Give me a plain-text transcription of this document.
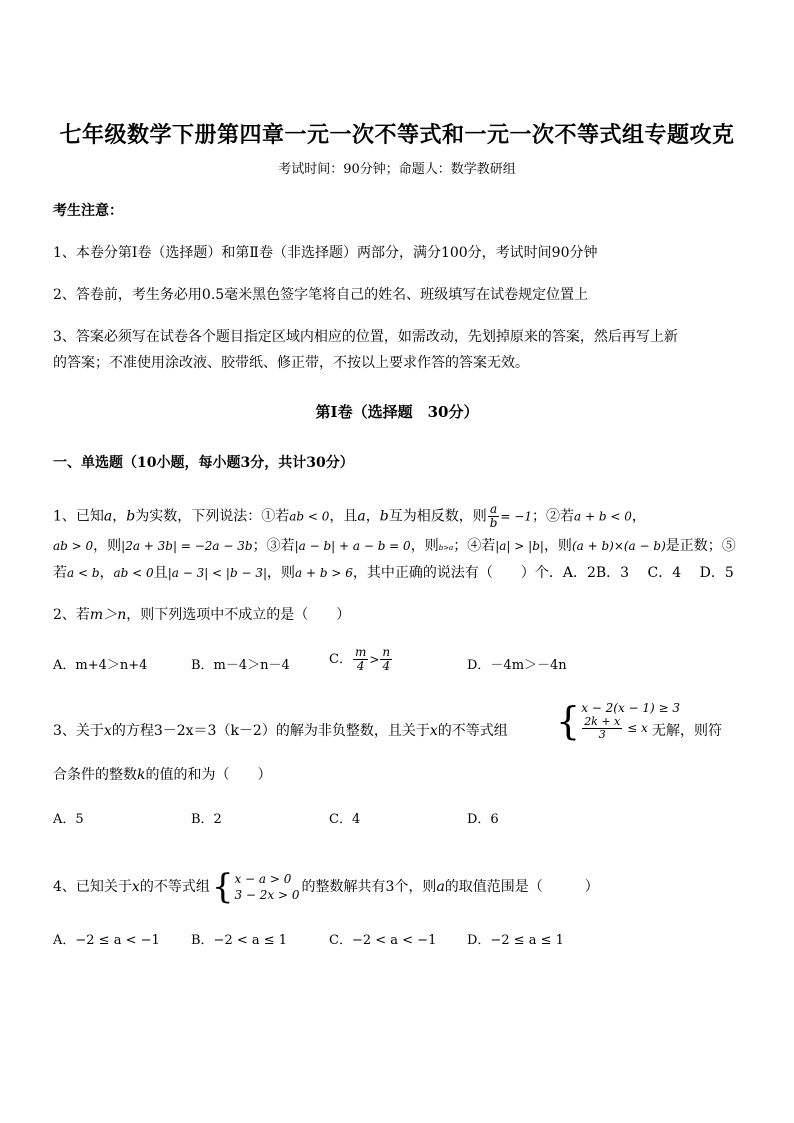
七年级数学下册第四章一元一次不等式和一元一次不等式组专题攻克
考试时间：90分钟；命题人：数学教研组
考生注意：
1、本卷分第Ⅰ卷（选择题）和第Ⅱ卷（非选择题）两部分，满分100分，考试时间90分钟
2、答卷前，考生务必用0.5毫米黑色签字笔将自己的姓名、班级填写在试卷规定位置上
3、答案必须写在试卷各个题目指定区域内相应的位置，如需改动，先划掉原来的答案，然后再写上新
的答案；不准使用涂改液、胶带纸、修正带，不按以上要求作答的答案无效。
第Ⅰ卷（选择题　30分）
一、单选题（10小题，每小题3分，共计30分）
1、已知a，b为实数，下列说法：①若ab < 0，且a，b互为相反数，则 $\frac{a}{b} = -1$；②若a + b < 0，
ab > 0，则|2a + 3b| = −2a − 3b；③若|a − b| + a − b = 0，则b>a；④若|a| > |b|，则(a + b)×(a − b)是正数；⑤
若a < b，ab < 0且|a − 3| < |b − 3|，则a + b > 6，其中正确的说法有（　　）个．A．2B．3　 C．4　 D．5
2、若m＞n，则下列选项中不成立的是（　　）
A．m+4＞n+4	B．m－4＞n－4	C． $\frac{m}{4} > \frac{n}{4}$	D．－4m＞－4n
3、关于x的方程3－2x＝3（k－2）的解为非负整数，且关于x的不等式组 { x − 2(x − 1) ≥ 3
$\frac{2k + x}{3} \le x$ 无解，则符
合条件的整数k的值的和为（　　）
A．5	B．2	C．4	D．6
4、已知关于x的不等式组 { x − a > 0
3 − 2x > 0 的整数解共有3个，则a的取值范围是（　　　）
A．−2 ≤ a < −1 B．−2 < a ≤ 1	C．−2 < a < −1 D．−2 ≤ a ≤ 1
